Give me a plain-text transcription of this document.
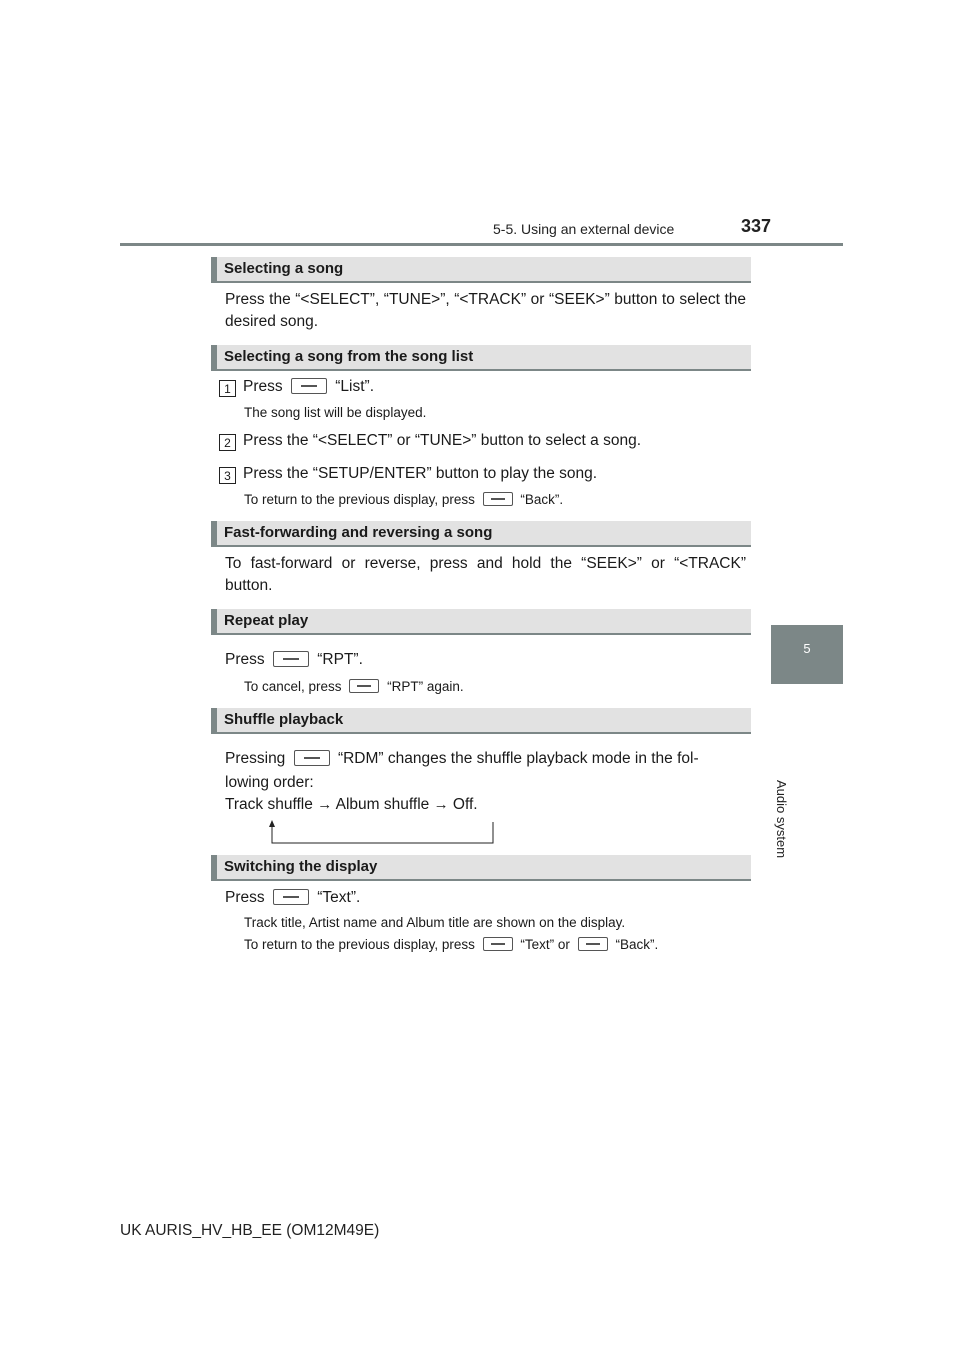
5-5. Using an external device	337
5
Audio system
Selecting a song
Press the “<SELECT”, “TUNE>”, “<TRACK” or “SEEK>” button to select the desired song.
Selecting a song from the song list
1 Press	“List”.
The song list will be displayed.
2 Press the “<SELECT” or “TUNE>” button to select a song.
3 Press the “SETUP/ENTER” button to play the song.
To return to the previous display, press	“Back”.
Fast-forwarding and reversing a song
To fast-forward or reverse, press and hold the “SEEK>” or “<TRACK” button.
Repeat play
Press	“RPT”.
To cancel, press	“RPT” again.
Shuffle playback
Pressing	“RDM” changes the shuffle playback mode in the fol-
lowing order:
Track shuffle → Album shuffle → Off.
Switching the display
Press	“Text”.
Track title, Artist name and Album title are shown on the display.
To return to the previous display, press	“Text” or	“Back”.
UK AURIS_HV_HB_EE (OM12M49E)
